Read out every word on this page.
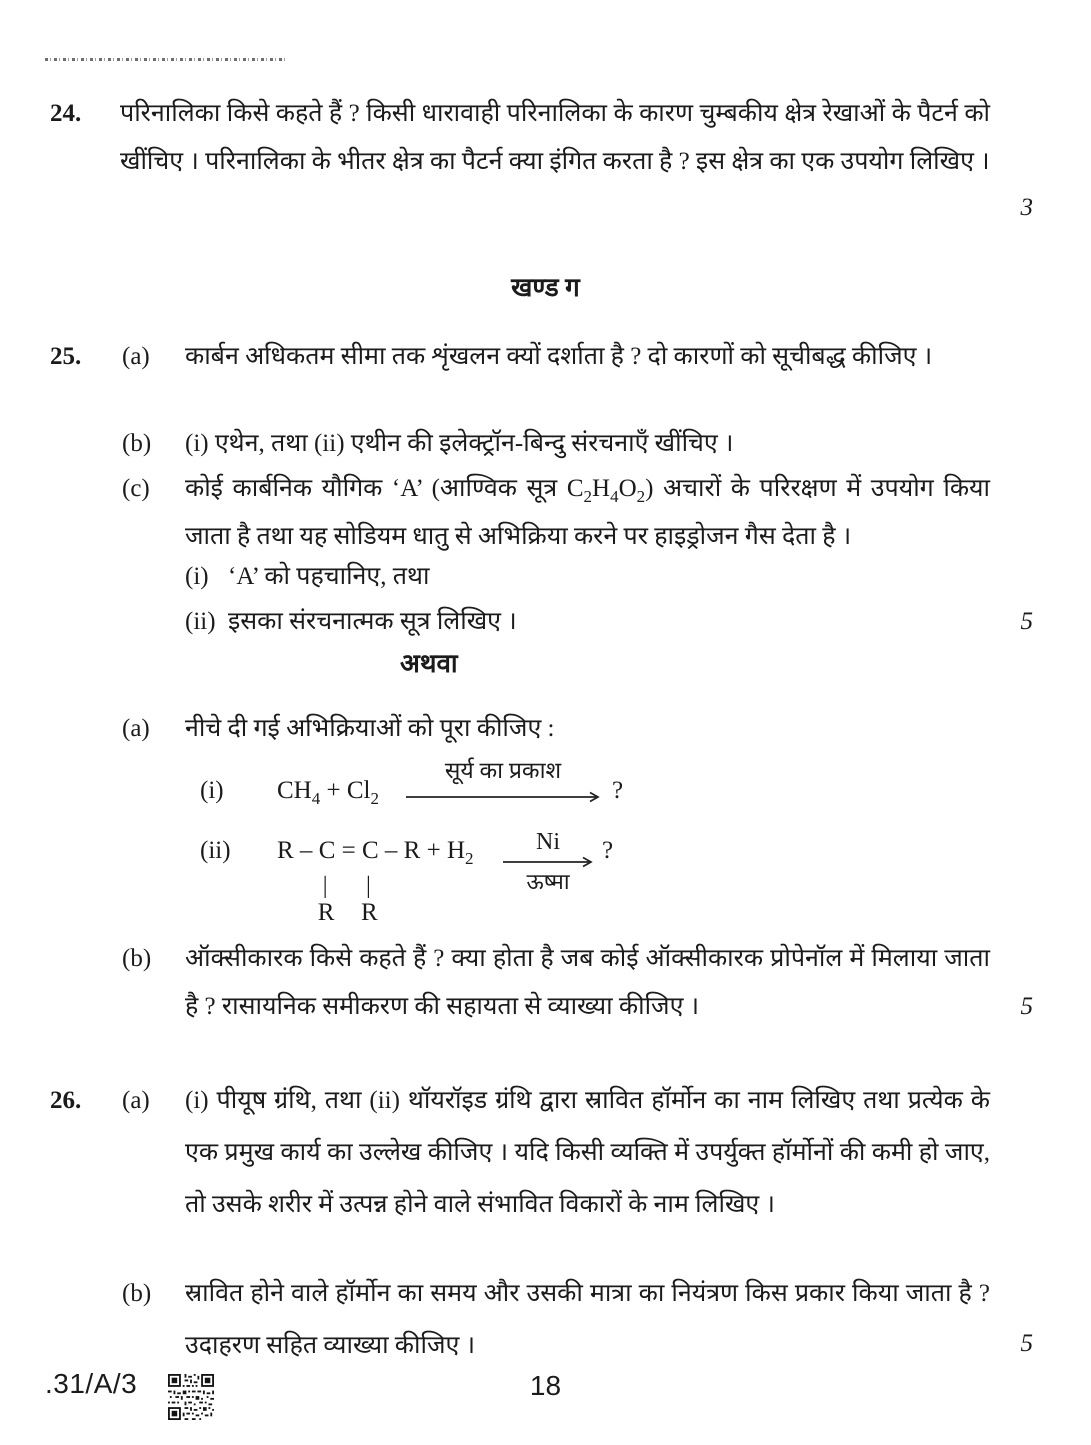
24. परिनालिका किसे कहते हैं ? किसी धारावाही परिनालिका के कारण चुम्बकीय क्षेत्र रेखाओं के पैटर्न को खींचिए । परिनालिका के भीतर क्षेत्र का पैटर्न क्या इंगित करता है ? इस क्षेत्र का एक उपयोग लिखिए ।
3
खण्ड ग
25. (a) कार्बन अधिकतम सीमा तक शृंखलन क्यों दर्शाता है ? दो कारणों को सूचीबद्ध कीजिए ।
(b) (i) एथेन, तथा (ii) एथीन की इलेक्ट्रॉन-बिन्दु संरचनाएँ खींचिए ।
(c) कोई कार्बनिक यौगिक ‘A’ (आण्विक सूत्र $C_2H_4O_2$) अचारों के परिरक्षण में उपयोग किया जाता है तथा यह सोडियम धातु से अभिक्रिया करने पर हाइड्रोजन गैस देता है ।
(i) ‘A’ को पहचानिए, तथा
(ii) इसका संरचनात्मक सूत्र लिखिए ।	5
अथवा
(a) नीचे दी गई अभिक्रियाओं को पूरा कीजिए :
(i) $CH_4 + Cl_2$
सूर्य का प्रकाश
?
(ii) R – C
|
R
= C
|
R
– $R + H_2$
Ni
ऊष्मा
?
(b) ऑक्सीकारक किसे कहते हैं ? क्या होता है जब कोई ऑक्सीकारक प्रोपेनॉल में मिलाया जाता है ? रासायनिक समीकरण की सहायता से व्याख्या कीजिए ।	5
26. (a) (i) पीयूष ग्रंथि, तथा (ii) थॉयरॉइड ग्रंथि द्वारा स्रावित हॉर्मोन का नाम लिखिए तथा प्रत्येक के एक प्रमुख कार्य का उल्लेख कीजिए । यदि किसी व्यक्ति में उपर्युक्त हॉर्मोनों की कमी हो जाए, तो उसके शरीर में उत्पन्न होने वाले संभावित विकारों के नाम लिखिए ।
(b) स्रावित होने वाले हॉर्मोन का समय और उसकी मात्रा का नियंत्रण किस प्रकार किया जाता है ? उदाहरण सहित व्याख्या कीजिए ।	5
.31/A/3	18
